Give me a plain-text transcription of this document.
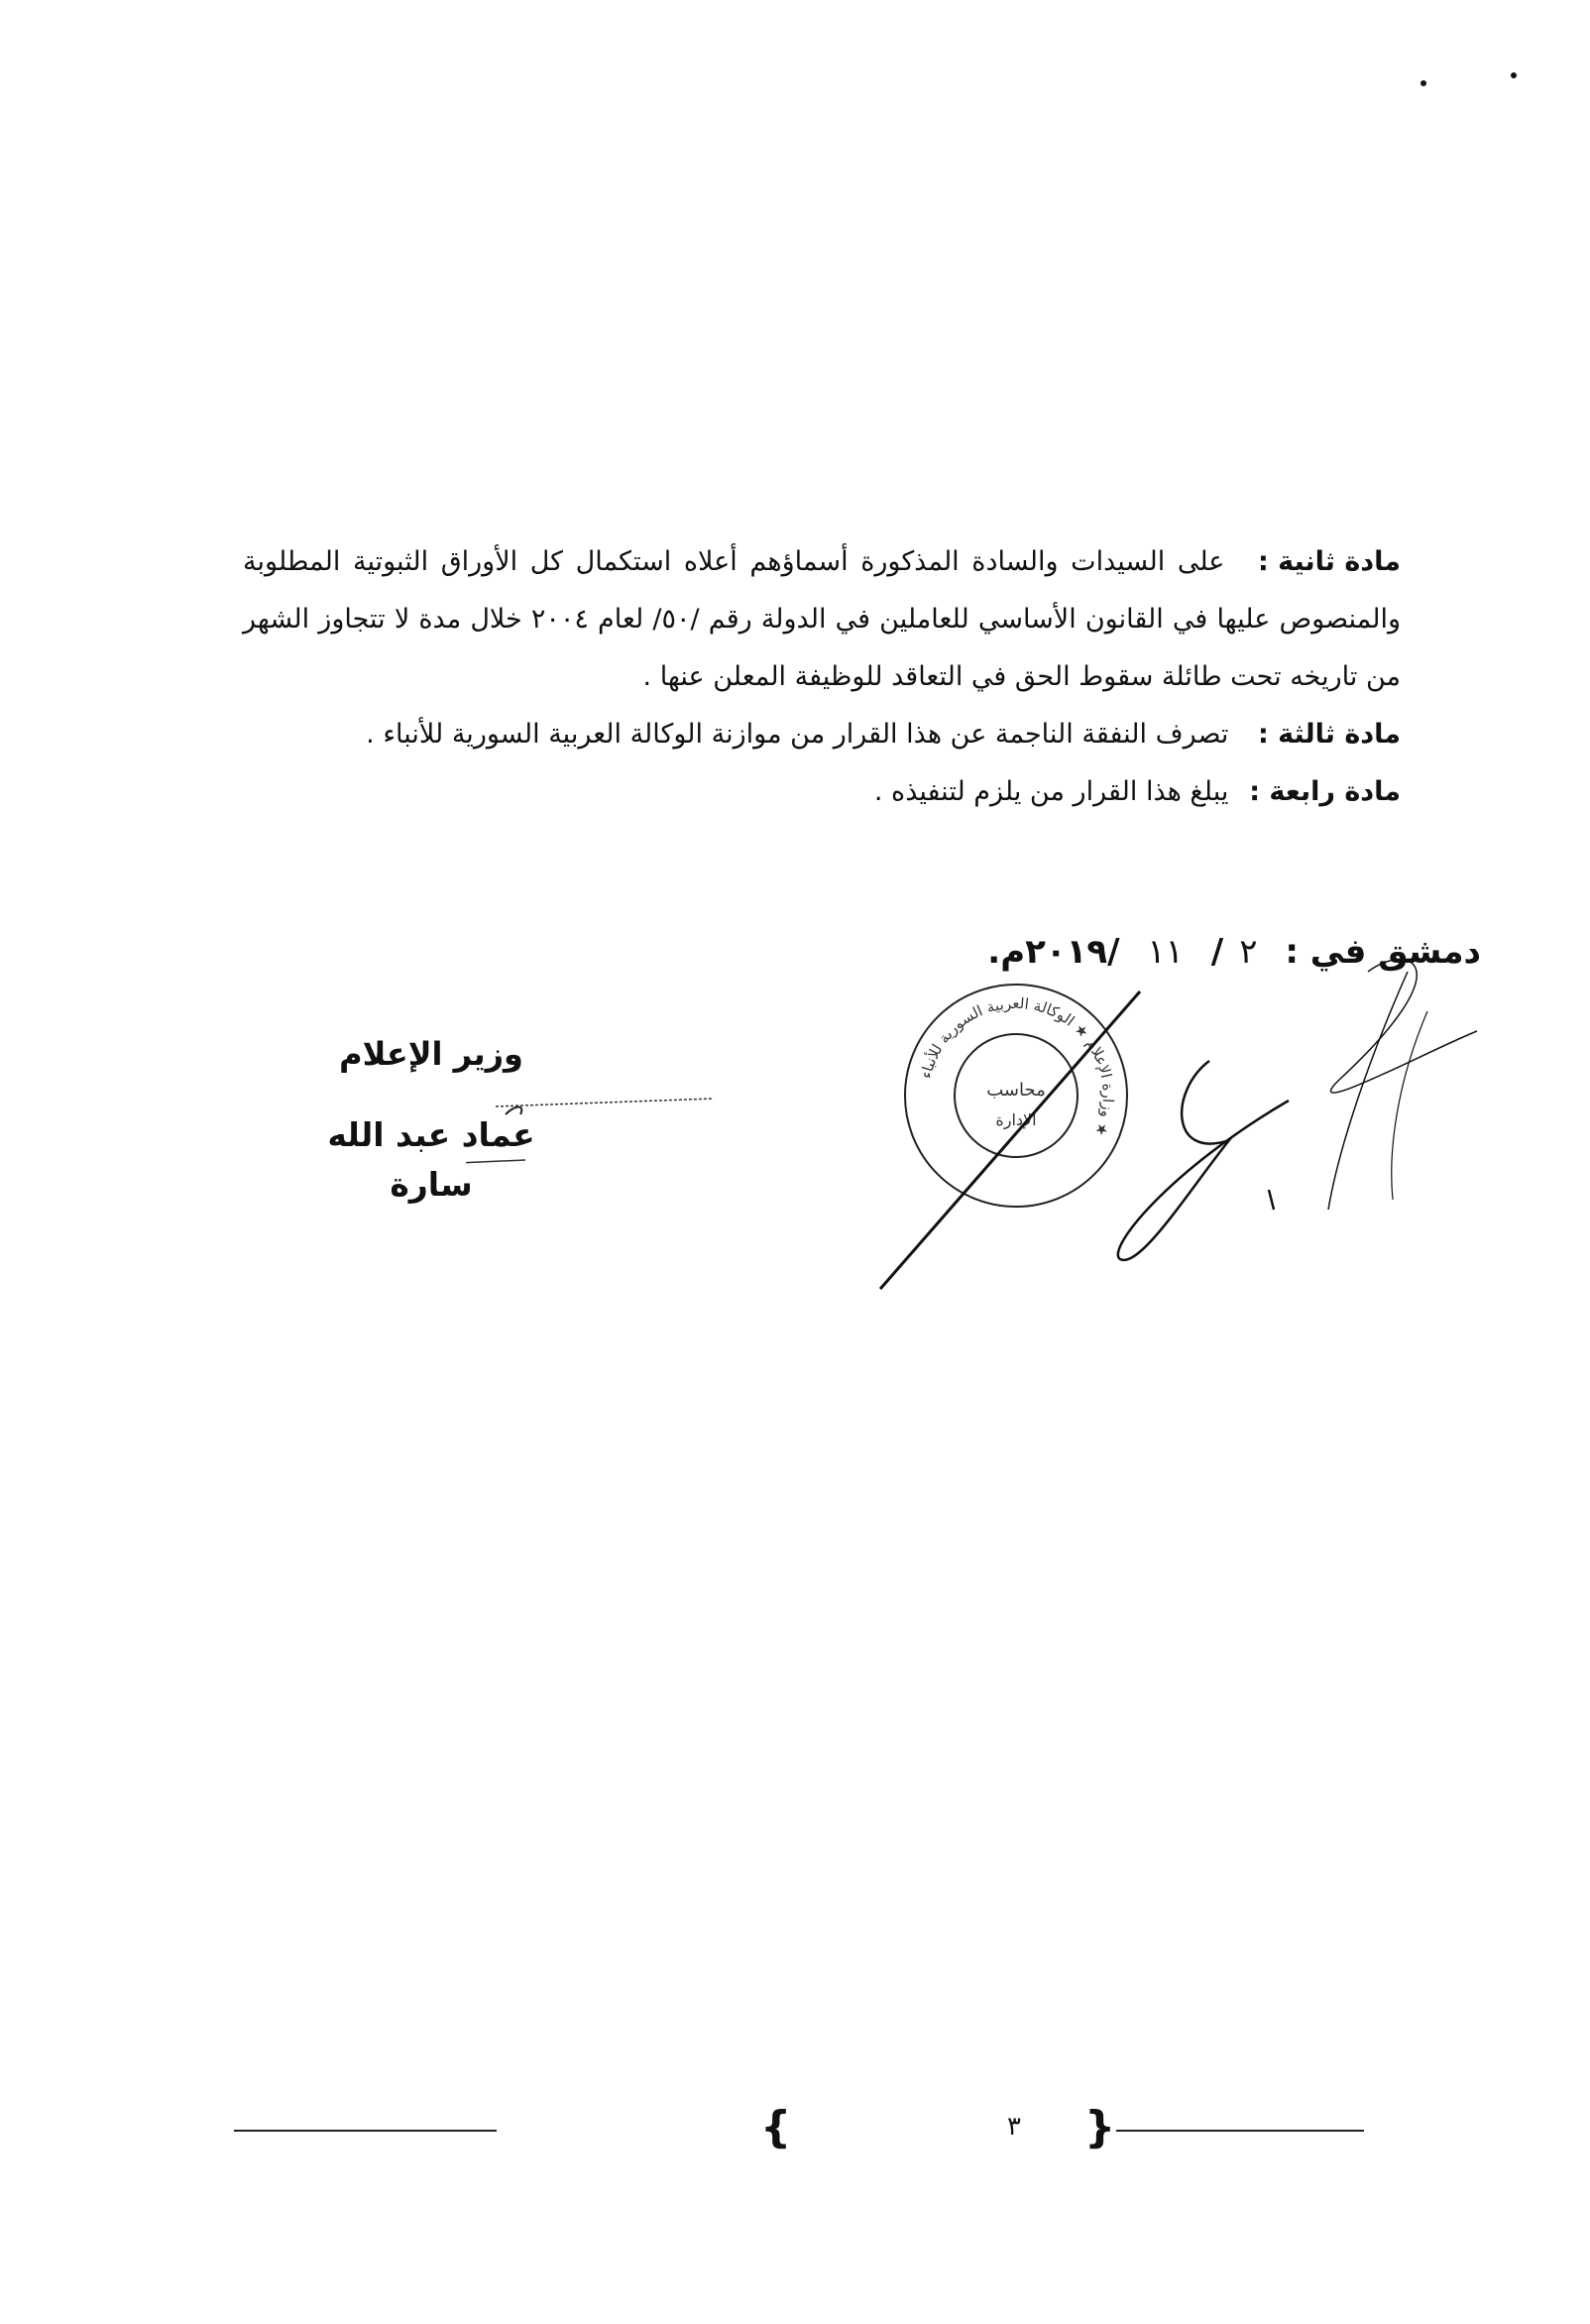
مادة ثانية : على السيدات والسادة المذكورة أسماؤهم أعلاه استكمال كل الأوراق الثبوتية المطلوبة والمنصوص عليها في القانون الأساسي للعاملين في الدولة رقم /٥٠/ لعام ٢٠٠٤ خلال مدة لا تتجاوز الشهر من تاريخه تحت طائلة سقوط الحق في التعاقد للوظيفة المعلن عنها .
مادة ثالثة : تصرف النفقة الناجمة عن هذا القرار من موازنة الوكالة العربية السورية للأنباء .
مادة رابعة : يبلغ هذا القرار من يلزم لتنفيذه .
دمشق في : ٢/ ١١ /٢٠١٩م.
وزارة الإعلام ★ الوكالة العربية السورية للأنباء ★
محاسب
الإدارة
وزير الإعلام
عماد عبد الله سارة
{	٣ }
